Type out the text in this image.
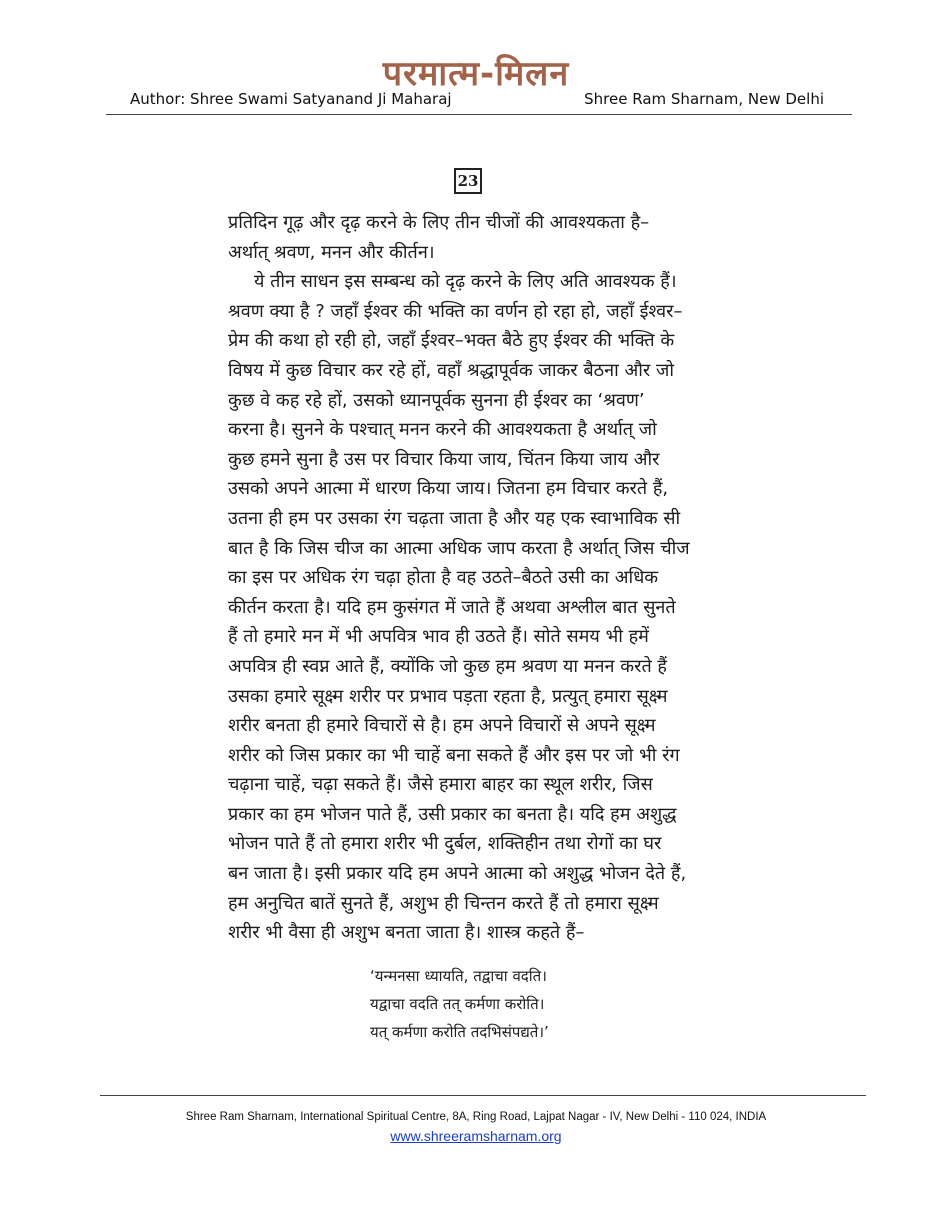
परमात्म-मिलन
Author: Shree Swami Satyanand Ji Maharaj	Shree Ram Sharnam, New Delhi
23
प्रतिदिन गूढ़ और दृढ़ करने के लिए तीन चीजों की आवश्यकता है–
अर्थात् श्रवण, मनन और कीर्तन।
ये तीन साधन इस सम्बन्ध को दृढ़ करने के लिए अति आवश्यक हैं।
श्रवण क्या है ? जहाँ ईश्वर की भक्ति का वर्णन हो रहा हो, जहाँ ईश्वर–
प्रेम की कथा हो रही हो, जहाँ ईश्वर–भक्त बैठे हुए ईश्वर की भक्ति के
विषय में कुछ विचार कर रहे हों, वहाँ श्रद्धापूर्वक जाकर बैठना और जो
कुछ वे कह रहे हों, उसको ध्यानपूर्वक सुनना ही ईश्वर का ‘श्रवण’
करना है। सुनने के पश्चात् मनन करने की आवश्यकता है अर्थात् जो
कुछ हमने सुना है उस पर विचार किया जाय, चिंतन किया जाय और
उसको अपने आत्मा में धारण किया जाय। जितना हम विचार करते हैं,
उतना ही हम पर उसका रंग चढ़ता जाता है और यह एक स्वाभाविक सी
बात है कि जिस चीज का आत्मा अधिक जाप करता है अर्थात् जिस चीज
का इस पर अधिक रंग चढ़ा होता है वह उठते–बैठते उसी का अधिक
कीर्तन करता है। यदि हम कुसंगत में जाते हैं अथवा अश्लील बात सुनते
हैं तो हमारे मन में भी अपवित्र भाव ही उठते हैं। सोते समय भी हमें
अपवित्र ही स्वप्न आते हैं, क्योंकि जो कुछ हम श्रवण या मनन करते हैं
उसका हमारे सूक्ष्म शरीर पर प्रभाव पड़ता रहता है, प्रत्युत् हमारा सूक्ष्म
शरीर बनता ही हमारे विचारों से है। हम अपने विचारों से अपने सूक्ष्म
शरीर को जिस प्रकार का भी चाहें बना सकते हैं और इस पर जो भी रंग
चढ़ाना चाहें, चढ़ा सकते हैं। जैसे हमारा बाहर का स्थूल शरीर, जिस
प्रकार का हम भोजन पाते हैं, उसी प्रकार का बनता है। यदि हम अशुद्ध
भोजन पाते हैं तो हमारा शरीर भी दुर्बल, शक्तिहीन तथा रोगों का घर
बन जाता है। इसी प्रकार यदि हम अपने आत्मा को अशुद्ध भोजन देते हैं,
हम अनुचित बातें सुनते हैं, अशुभ ही चिन्तन करते हैं तो हमारा सूक्ष्म
शरीर भी वैसा ही अशुभ बनता जाता है। शास्त्र कहते हैं–
‘यन्मनसा ध्यायति, तद्वाचा वदति।
यद्वाचा वदति तत् कर्मणा करोति।
यत् कर्मणा करोति तदभिसंपद्यते।’
Shree Ram Sharnam, International Spiritual Centre, 8A, Ring Road, Lajpat Nagar - IV, New Delhi - 110 024, INDIA
www.shreeramsharnam.org
